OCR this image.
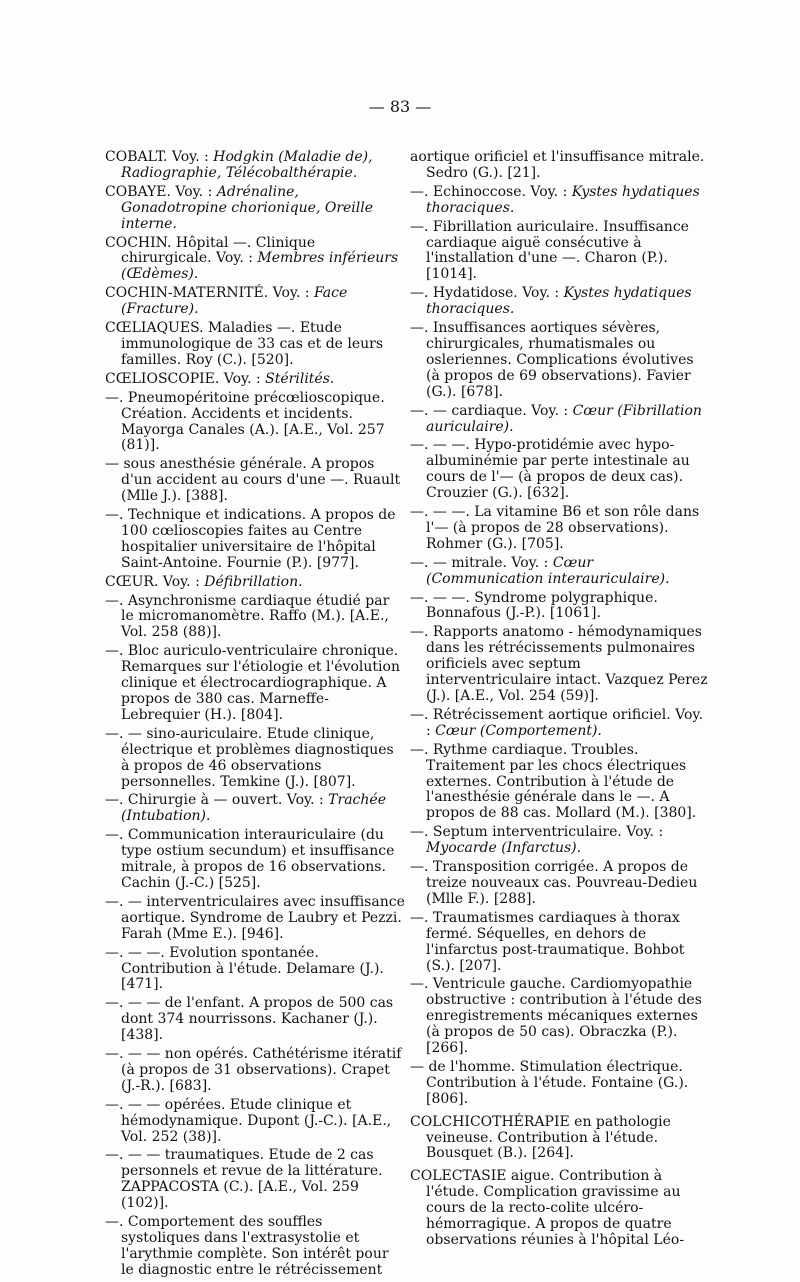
— 83 —

COBALT. Voy. : Hodgkin (Maladie de), Radiographie, Télécobalthérapie.

COBAYE. Voy. : Adrénaline, Gonadotropine chorionique, Oreille interne.

COCHIN. Hôpital —. Clinique chirurgicale. Voy. : Membres inférieurs (Œdèmes).

COCHIN-MATERNITÉ. Voy. : Face (Fracture).

CŒLIAQUES. Maladies —. Etude immunologique de 33 cas et de leurs familles. Roy (C.). [520].

CŒLIOSCOPIE. Voy. : Stérilités.

—. Pneumopéritoine précœlioscopique. Création. Accidents et incidents. Mayorga Canales (A.). [A.E., Vol. 257 (81)].

— sous anesthésie générale. A propos d'un accident au cours d'une —. Ruault (Mlle J.). [388].

—. Technique et indications. A propos de 100 cœlioscopies faites au Centre hospitalier universitaire de l'hôpital Saint-Antoine. Fournie (P.). [977].

CŒUR. Voy. : Défibrillation.

—. Asynchronisme cardiaque étudié par le micromanomètre. Raffo (M.). [A.E., Vol. 258 (88)].

—. Bloc auriculo-ventriculaire chronique. Remarques sur l'étiologie et l'évolution clinique et électrocardiographique. A propos de 380 cas. Marneffe-Lebrequier (H.). [804].

—. — sino-auriculaire. Etude clinique, électrique et problèmes diagnostiques à propos de 46 observations personnelles. Temkine (J.). [807].

—. Chirurgie à — ouvert. Voy. : Trachée (Intubation).

—. Communication interauriculaire (du type ostium secundum) et insuffisance mitrale, à propos de 16 observations. Cachin (J.-C.) [525].

—. — interventriculaires avec insuffisance aortique. Syndrome de Laubry et Pezzi. Farah (Mme E.). [946].

—. — —. Evolution spontanée. Contribution à l'étude. Delamare (J.). [471].

—. — — de l'enfant. A propos de 500 cas dont 374 nourrissons. Kachaner (J.). [438].

—. — — non opérés. Cathétérisme itératif (à propos de 31 observations). Crapet (J.-R.). [683].

—. — — opérées. Etude clinique et hémodynamique. Dupont (J.-C.). [A.E., Vol. 252 (38)].

—. — — traumatiques. Etude de 2 cas personnels et revue de la littérature. ZAPPACOSTA (C.). [A.E., Vol. 259 (102)].

—. Comportement des souffles systoliques dans l'extrasystolie et l'arythmie complète. Son intérêt pour le diagnostic entre le rétrécissement

aortique orificiel et l'insuffisance mitrale. Sedro (G.). [21].

—. Echinoccose. Voy. : Kystes hydatiques thoraciques.

—. Fibrillation auriculaire. Insuffisance cardiaque aiguë consécutive à l'installation d'une —. Charon (P.). [1014].

—. Hydatidose. Voy. : Kystes hydatiques thoraciques.

—. Insuffisances aortiques sévères, chirurgicales, rhumatismales ou osleriennes. Complications évolutives (à propos de 69 observations). Favier (G.). [678].

—. — cardiaque. Voy. : Cœur (Fibrillation auriculaire).

—. — —. Hypo-protidémie avec hypo-albuminémie par perte intestinale au cours de l'— (à propos de deux cas). Crouzier (G.). [632].

—. — —. La vitamine B6 et son rôle dans l'— (à propos de 28 observations). Rohmer (G.). [705].

—. — mitrale. Voy. : Cœur (Communication interauriculaire).

—. — —. Syndrome polygraphique. Bonnafous (J.-P.). [1061].

—. Rapports anatomo - hémodynamiques dans les rétrécissements pulmonaires orificiels avec septum interventriculaire intact. Vazquez Perez (J.). [A.E., Vol. 254 (59)].

—. Rétrécissement aortique orificiel. Voy. : Cœur (Comportement).

—. Rythme cardiaque. Troubles. Traitement par les chocs électriques externes. Contribution à l'étude de l'anesthésie générale dans le —. A propos de 88 cas. Mollard (M.). [380].

—. Septum interventriculaire. Voy. : Myocarde (Infarctus).

—. Transposition corrigée. A propos de treize nouveaux cas. Pouvreau-Dedieu (Mlle F.). [288].

—. Traumatismes cardiaques à thorax fermé. Séquelles, en dehors de l'infarctus post-traumatique. Bohbot (S.). [207].

—. Ventricule gauche. Cardiomyopathie obstructive : contribution à l'étude des enregistrements mécaniques externes (à propos de 50 cas). Obraczka (P.). [266].

— de l'homme. Stimulation électrique. Contribution à l'étude. Fontaine (G.). [806].

COLCHICOTHÉRAPIE en pathologie veineuse. Contribution à l'étude. Bousquet (B.). [264].

COLECTASIE aigue. Contribution à l'étude. Complication gravissime au cours de la recto-colite ulcéro-hémorragique. A propos de quatre observations réunies à l'hôpital Léo-
